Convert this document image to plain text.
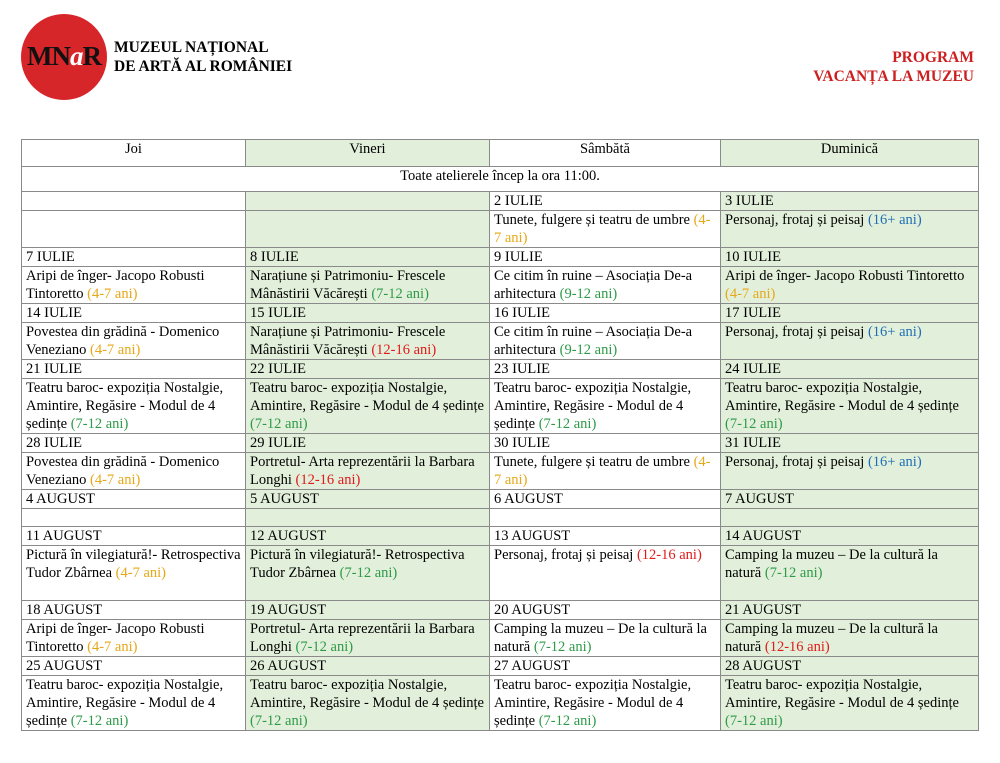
MNaR MUZEUL NAȚIONAL
DE ARTĂ AL ROMÂNIEI
PROGRAM
VACANȚA LA MUZEU
Joi	Vineri	Sâmbătă	Duminică
Toate atelierele încep la ora 11:00.			
		2 IULIE	3 IULIE
		Tunete, fulgere și teatru de umbre (4-7 ani)	Personaj, frotaj și peisaj (16+ ani)
7 IULIE	8 IULIE	9 IULIE	10 IULIE
Aripi de înger- Jacopo Robusti Tintoretto (4-7 ani)	Narațiune și Patrimoniu- Frescele Mânăstirii Văcărești (7-12 ani)	Ce citim în ruine – Asociația De-a arhitectura (9-12 ani)	Aripi de înger- Jacopo Robusti Tintoretto (4-7 ani)
14 IULIE	15 IULIE	16 IULIE	17 IULIE
Povestea din grădină - Domenico Veneziano (4-7 ani)	Narațiune și Patrimoniu- Frescele Mânăstirii Văcărești (12-16 ani)	Ce citim în ruine – Asociația De-a arhitectura (9-12 ani)	Personaj, frotaj și peisaj (16+ ani)
21 IULIE	22 IULIE	23 IULIE	24 IULIE
Teatru baroc- expoziția Nostalgie, Amintire, Regăsire - Modul de 4 ședințe (7-12 ani)	Teatru baroc- expoziția Nostalgie, Amintire, Regăsire - Modul de 4 ședințe (7-12 ani)	Teatru baroc- expoziția Nostalgie, Amintire, Regăsire - Modul de 4 ședințe (7-12 ani)	Teatru baroc- expoziția Nostalgie, Amintire, Regăsire - Modul de 4 ședințe (7-12 ani)
28 IULIE	29 IULIE	30 IULIE	31 IULIE
Povestea din grădină - Domenico Veneziano (4-7 ani)	Portretul- Arta reprezentării la Barbara Longhi (12-16 ani)	Tunete, fulgere și teatru de umbre (4-7 ani)	Personaj, frotaj și peisaj (16+ ani)
4 AUGUST	5 AUGUST	6 AUGUST	7 AUGUST

11 AUGUST	12 AUGUST	13 AUGUST	14 AUGUST
Pictură în vilegiatură!- Retrospectiva Tudor Zbârnea (4-7 ani)	Pictură în vilegiatură!- Retrospectiva Tudor Zbârnea (7-12 ani)	Personaj, frotaj și peisaj (12-16 ani)	Camping la muzeu – De la cultură la natură (7-12 ani)
18 AUGUST	19 AUGUST	20 AUGUST	21 AUGUST
Aripi de înger- Jacopo Robusti Tintoretto (4-7 ani)	Portretul- Arta reprezentării la Barbara Longhi (7-12 ani)	Camping la muzeu – De la cultură la natură (7-12 ani)	Camping la muzeu – De la cultură la natură (12-16 ani)
25 AUGUST	26 AUGUST	27 AUGUST	28 AUGUST
Teatru baroc- expoziția Nostalgie, Amintire, Regăsire - Modul de 4 ședințe (7-12 ani)	Teatru baroc- expoziția Nostalgie, Amintire, Regăsire - Modul de 4 ședințe (7-12 ani)	Teatru baroc- expoziția Nostalgie, Amintire, Regăsire - Modul de 4 ședințe (7-12 ani)	Teatru baroc- expoziția Nostalgie, Amintire, Regăsire - Modul de 4 ședințe (7-12 ani)
